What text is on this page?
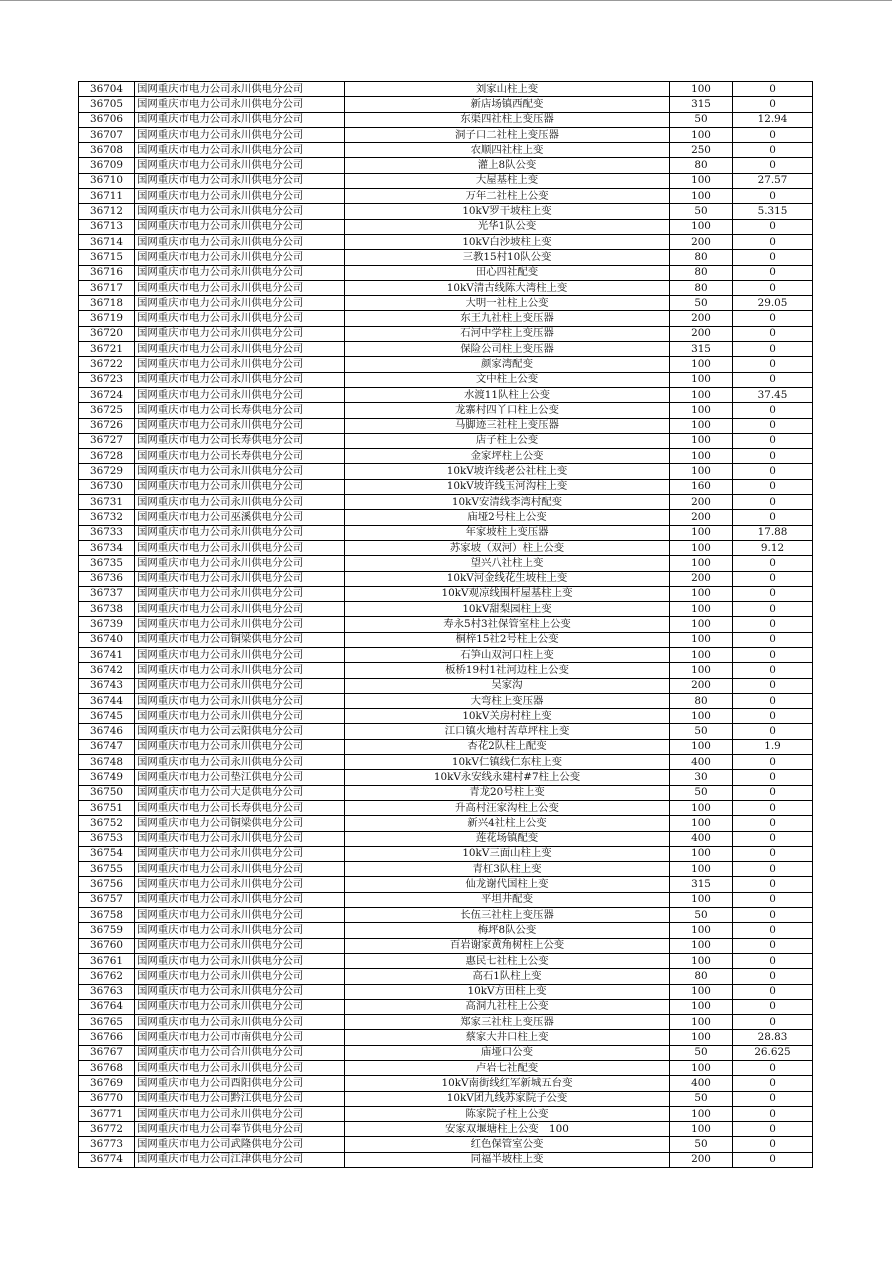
36704	国网重庆市电力公司永川供电分公司	刘家山柱上变	100	0
36705	国网重庆市电力公司永川供电分公司	新店场镇西配变	315	0
36706	国网重庆市电力公司永川供电分公司	东渠四社柱上变压器	50	12.94
36707	国网重庆市电力公司永川供电分公司	洞子口二社柱上变压器	100	0
36708	国网重庆市电力公司永川供电分公司	农顺四社柱上变	250	0
36709	国网重庆市电力公司永川供电分公司	灌上8队公变	80	0
36710	国网重庆市电力公司永川供电分公司	大屋基柱上变	100	27.57
36711	国网重庆市电力公司永川供电分公司	万年二社柱上公变	100	0
36712	国网重庆市电力公司永川供电分公司	10kV罗干坡柱上变	50	5.315
36713	国网重庆市电力公司永川供电分公司	光华1队公变	100	0
36714	国网重庆市电力公司永川供电分公司	10kV白沙坡柱上变	200	0
36715	国网重庆市电力公司永川供电分公司	三教15村10队公变	80	0
36716	国网重庆市电力公司永川供电分公司	田心四社配变	80	0
36717	国网重庆市电力公司永川供电分公司	10kV清古线陈大湾柱上变	80	0
36718	国网重庆市电力公司永川供电分公司	大明一社柱上公变	50	29.05
36719	国网重庆市电力公司永川供电分公司	东王九社柱上变压器	200	0
36720	国网重庆市电力公司永川供电分公司	石河中学柱上变压器	200	0
36721	国网重庆市电力公司永川供电分公司	保险公司柱上变压器	315	0
36722	国网重庆市电力公司永川供电分公司	颜家湾配变	100	0
36723	国网重庆市电力公司永川供电分公司	文中柱上公变	100	0
36724	国网重庆市电力公司永川供电分公司	水渡11队柱上公变	100	37.45
36725	国网重庆市电力公司长寿供电分公司	龙寨村四丫口柱上公变	100	0
36726	国网重庆市电力公司永川供电分公司	马脚迹三社柱上变压器	100	0
36727	国网重庆市电力公司长寿供电分公司	店子柱上公变	100	0
36728	国网重庆市电力公司长寿供电分公司	金家坪柱上公变	100	0
36729	国网重庆市电力公司永川供电分公司	10kV坡许线老公社柱上变	100	0
36730	国网重庆市电力公司永川供电分公司	10kV坡许线玉河沟柱上变	160	0
36731	国网重庆市电力公司永川供电分公司	10kV安清线李湾村配变	200	0
36732	国网重庆市电力公司巫溪供电分公司	庙垭2号柱上公变	200	0
36733	国网重庆市电力公司永川供电分公司	年家坡柱上变压器	100	17.88
36734	国网重庆市电力公司永川供电分公司	苏家坡（双河）柱上公变	100	9.12
36735	国网重庆市电力公司永川供电分公司	望兴八社柱上变	100	0
36736	国网重庆市电力公司永川供电分公司	10kV河金线花生坡柱上变	200	0
36737	国网重庆市电力公司永川供电分公司	10kV观凉线围杆屋基柱上变	100	0
36738	国网重庆市电力公司永川供电分公司	10kV甜梨园柱上变	100	0
36739	国网重庆市电力公司永川供电分公司	寿永5村3社保管室柱上公变	100	0
36740	国网重庆市电力公司铜梁供电分公司	桐梓15社2号柱上公变	100	0
36741	国网重庆市电力公司永川供电分公司	石笋山双河口柱上变	100	0
36742	国网重庆市电力公司永川供电分公司	板桥19村1社河边柱上公变	100	0
36743	国网重庆市电力公司永川供电分公司	吴家沟	200	0
36744	国网重庆市电力公司永川供电分公司	大弯柱上变压器	80	0
36745	国网重庆市电力公司永川供电分公司	10kV关房村柱上变	100	0
36746	国网重庆市电力公司云阳供电分公司	江口镇火地村苦草坪柱上变	50	0
36747	国网重庆市电力公司永川供电分公司	杏花2队柱上配变	100	1.9
36748	国网重庆市电力公司永川供电分公司	10kV仁镇线仁东柱上变	400	0
36749	国网重庆市电力公司垫江供电分公司	10kV永安线永建村#7柱上公变	30	0
36750	国网重庆市电力公司大足供电分公司	青龙20号柱上变	50	0
36751	国网重庆市电力公司长寿供电分公司	升高村汪家沟柱上公变	100	0
36752	国网重庆市电力公司铜梁供电分公司	新兴4社柱上公变	100	0
36753	国网重庆市电力公司永川供电分公司	莲花场镇配变	400	0
36754	国网重庆市电力公司永川供电分公司	10kV三面山柱上变	100	0
36755	国网重庆市电力公司永川供电分公司	青杠3队柱上变	100	0
36756	国网重庆市电力公司永川供电分公司	仙龙谢代国柱上变	315	0
36757	国网重庆市电力公司永川供电分公司	平坦井配变	100	0
36758	国网重庆市电力公司永川供电分公司	长伍三社柱上变压器	50	0
36759	国网重庆市电力公司永川供电分公司	梅坪8队公变	100	0
36760	国网重庆市电力公司永川供电分公司	百岩谢家黄角树柱上公变	100	0
36761	国网重庆市电力公司永川供电分公司	惠民七社柱上公变	100	0
36762	国网重庆市电力公司永川供电分公司	高石1队柱上变	80	0
36763	国网重庆市电力公司永川供电分公司	10kV方田柱上变	100	0
36764	国网重庆市电力公司永川供电分公司	高洞九社柱上公变	100	0
36765	国网重庆市电力公司永川供电分公司	郑家三社柱上变压器	100	0
36766	国网重庆市电力公司市南供电分公司	蔡家大井口柱上变	100	28.83
36767	国网重庆市电力公司合川供电分公司	庙垭口公变	50	26.625
36768	国网重庆市电力公司永川供电分公司	卢岩七社配变	100	0
36769	国网重庆市电力公司酉阳供电分公司	10kV南街线红军新城五台变	400	0
36770	国网重庆市电力公司黔江供电分公司	10kV团九线苏家院子公变	50	0
36771	国网重庆市电力公司永川供电分公司	陈家院子柱上公变	100	0
36772	国网重庆市电力公司奉节供电分公司	安家双堰塘柱上公变　100	100	0
36773	国网重庆市电力公司武隆供电分公司	红色保管室公变	50	0
36774	国网重庆市电力公司江津供电分公司	同福半坡柱上变	200	0
